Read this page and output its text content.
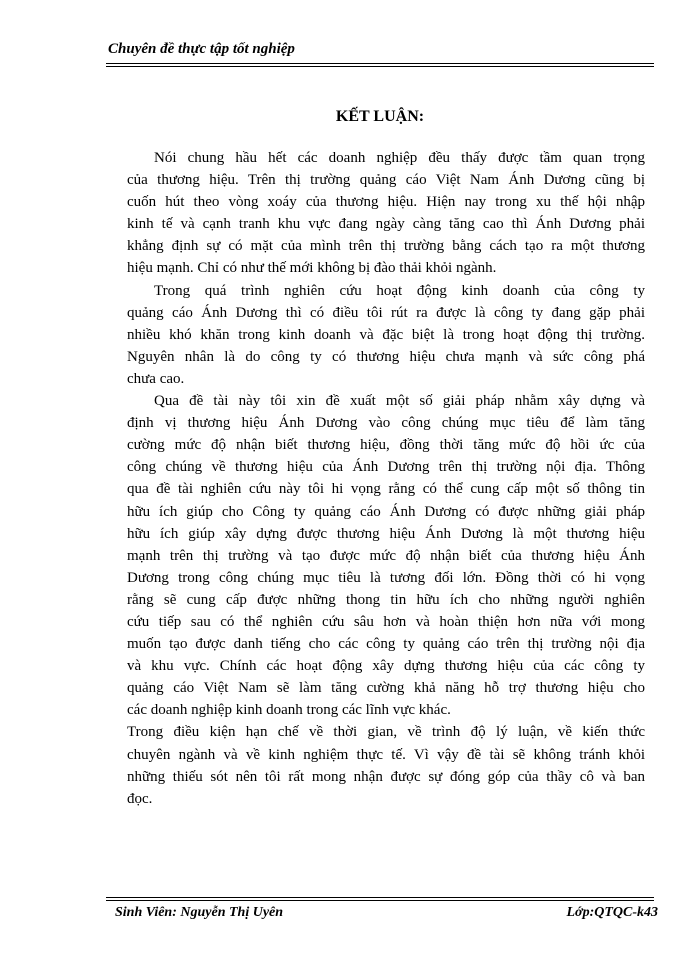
Chuyên đề thực tập tốt nghiệp
KẾT LUẬN:
Nói chung hầu hết các doanh nghiệp đều thấy được tầm quan trọng
của thương hiệu. Trên thị trường quảng cáo Việt Nam Ánh Dương cũng bị
cuốn hút theo vòng xoáy của thương hiệu. Hiện nay trong xu thế hội nhập
kinh tế và cạnh tranh khu vực đang ngày càng tăng cao thì Ánh Dương phải
khẳng định sự có mặt của mình trên thị trường bằng cách tạo ra một thương
hiệu mạnh. Chỉ có như thế mới không bị đào thải khỏi ngành.
Trong quá trình nghiên cứu hoạt động kinh doanh của công ty
quảng cáo Ánh Dương thì có điều tôi rút ra được là công ty đang gặp phải
nhiều khó khăn trong kinh doanh và đặc biệt là trong hoạt động thị trường.
Nguyên nhân là do công ty có thương hiệu chưa mạnh và sức công phá
chưa cao.
Qua đề tài này tôi xin đề xuất một số giải pháp nhằm xây dựng và
định vị thương hiệu Ánh Dương vào công chúng mục tiêu để làm tăng
cường mức độ nhận biết thương hiệu, đồng thời tăng mức độ hồi ức của
công chúng về thương hiệu của Ánh Dương trên thị trường nội địa. Thông
qua đề tài nghiên cứu này tôi hi vọng rằng có thể cung cấp một số thông tin
hữu ích giúp cho Công ty quảng cáo Ánh Dương có được những giải pháp
hữu ích giúp xây dựng được thương hiệu Ánh Dương là một thương hiệu
mạnh trên thị trường và tạo được mức độ nhận biết của thương hiệu Ánh
Dương trong công chúng mục tiêu là tương đối lớn. Đồng thời có hi vọng
rằng sẽ cung cấp được những thong tin hữu ích cho những người nghiên
cứu tiếp sau có thể nghiên cứu sâu hơn và hoàn thiện hơn nữa với mong
muốn tạo được danh tiếng cho các công ty quảng cáo trên thị trường nội địa
và khu vực. Chính các hoạt động xây dựng thương hiệu của các công ty
quảng cáo Việt Nam sẽ làm tăng cường khả năng hỗ trợ thương hiệu cho
các doanh nghiệp kinh doanh trong các lĩnh vực khác.
Trong điều kiện hạn chế về thời gian, về trình độ lý luận, về kiến thức
chuyên ngành và về kinh nghiệm thực tế. Vì vậy đề tài sẽ không tránh khỏi
những thiếu sót nên tôi rất mong nhận được sự đóng góp của thầy cô và ban
đọc.
Sinh Viên: Nguyễn Thị Uyên	Lớp:QTQC-k43
